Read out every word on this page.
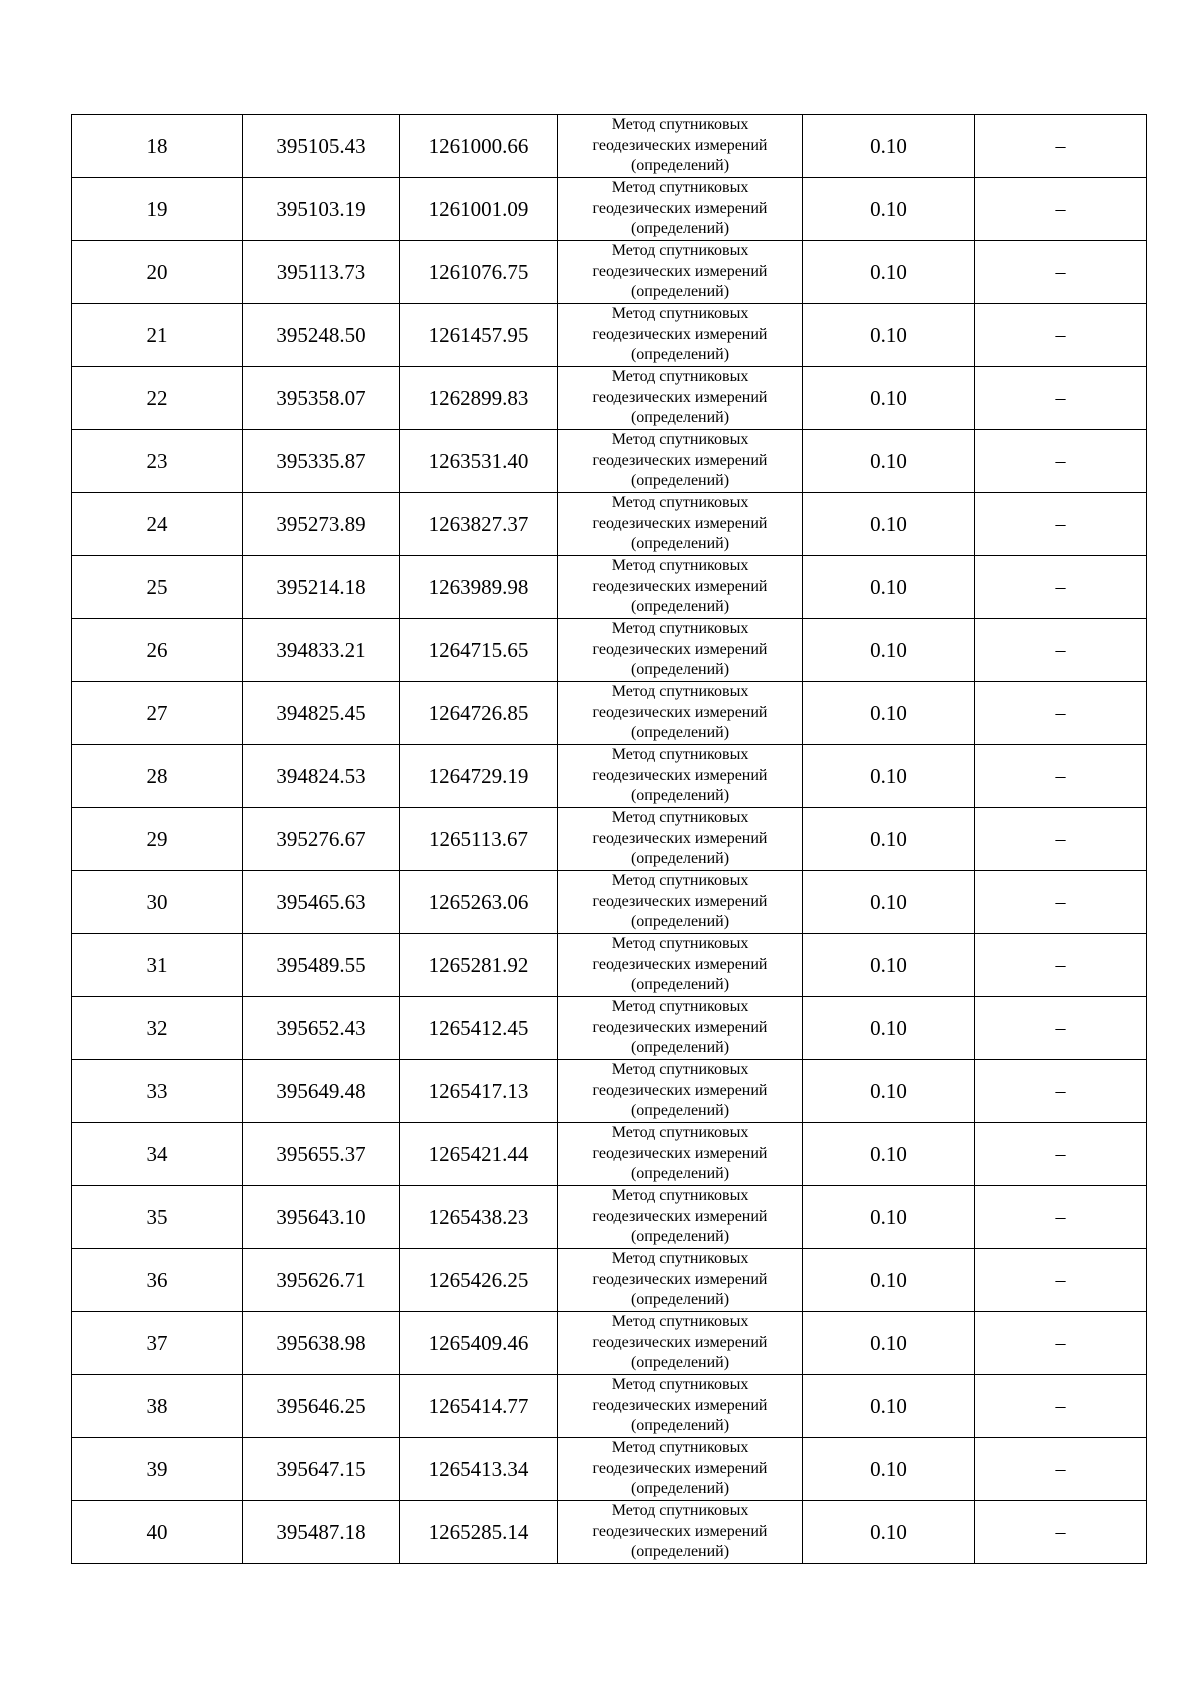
18	395105.43	1261000.66	Метод спутниковых
геодезических измерений
(определений)	0.10	–
19	395103.19	1261001.09	Метод спутниковых
геодезических измерений
(определений)	0.10	–
20	395113.73	1261076.75	Метод спутниковых
геодезических измерений
(определений)	0.10	–
21	395248.50	1261457.95	Метод спутниковых
геодезических измерений
(определений)	0.10	–
22	395358.07	1262899.83	Метод спутниковых
геодезических измерений
(определений)	0.10	–
23	395335.87	1263531.40	Метод спутниковых
геодезических измерений
(определений)	0.10	–
24	395273.89	1263827.37	Метод спутниковых
геодезических измерений
(определений)	0.10	–
25	395214.18	1263989.98	Метод спутниковых
геодезических измерений
(определений)	0.10	–
26	394833.21	1264715.65	Метод спутниковых
геодезических измерений
(определений)	0.10	–
27	394825.45	1264726.85	Метод спутниковых
геодезических измерений
(определений)	0.10	–
28	394824.53	1264729.19	Метод спутниковых
геодезических измерений
(определений)	0.10	–
29	395276.67	1265113.67	Метод спутниковых
геодезических измерений
(определений)	0.10	–
30	395465.63	1265263.06	Метод спутниковых
геодезических измерений
(определений)	0.10	–
31	395489.55	1265281.92	Метод спутниковых
геодезических измерений
(определений)	0.10	–
32	395652.43	1265412.45	Метод спутниковых
геодезических измерений
(определений)	0.10	–
33	395649.48	1265417.13	Метод спутниковых
геодезических измерений
(определений)	0.10	–
34	395655.37	1265421.44	Метод спутниковых
геодезических измерений
(определений)	0.10	–
35	395643.10	1265438.23	Метод спутниковых
геодезических измерений
(определений)	0.10	–
36	395626.71	1265426.25	Метод спутниковых
геодезических измерений
(определений)	0.10	–
37	395638.98	1265409.46	Метод спутниковых
геодезических измерений
(определений)	0.10	–
38	395646.25	1265414.77	Метод спутниковых
геодезических измерений
(определений)	0.10	–
39	395647.15	1265413.34	Метод спутниковых
геодезических измерений
(определений)	0.10	–
40	395487.18	1265285.14	Метод спутниковых
геодезических измерений
(определений)	0.10	–
